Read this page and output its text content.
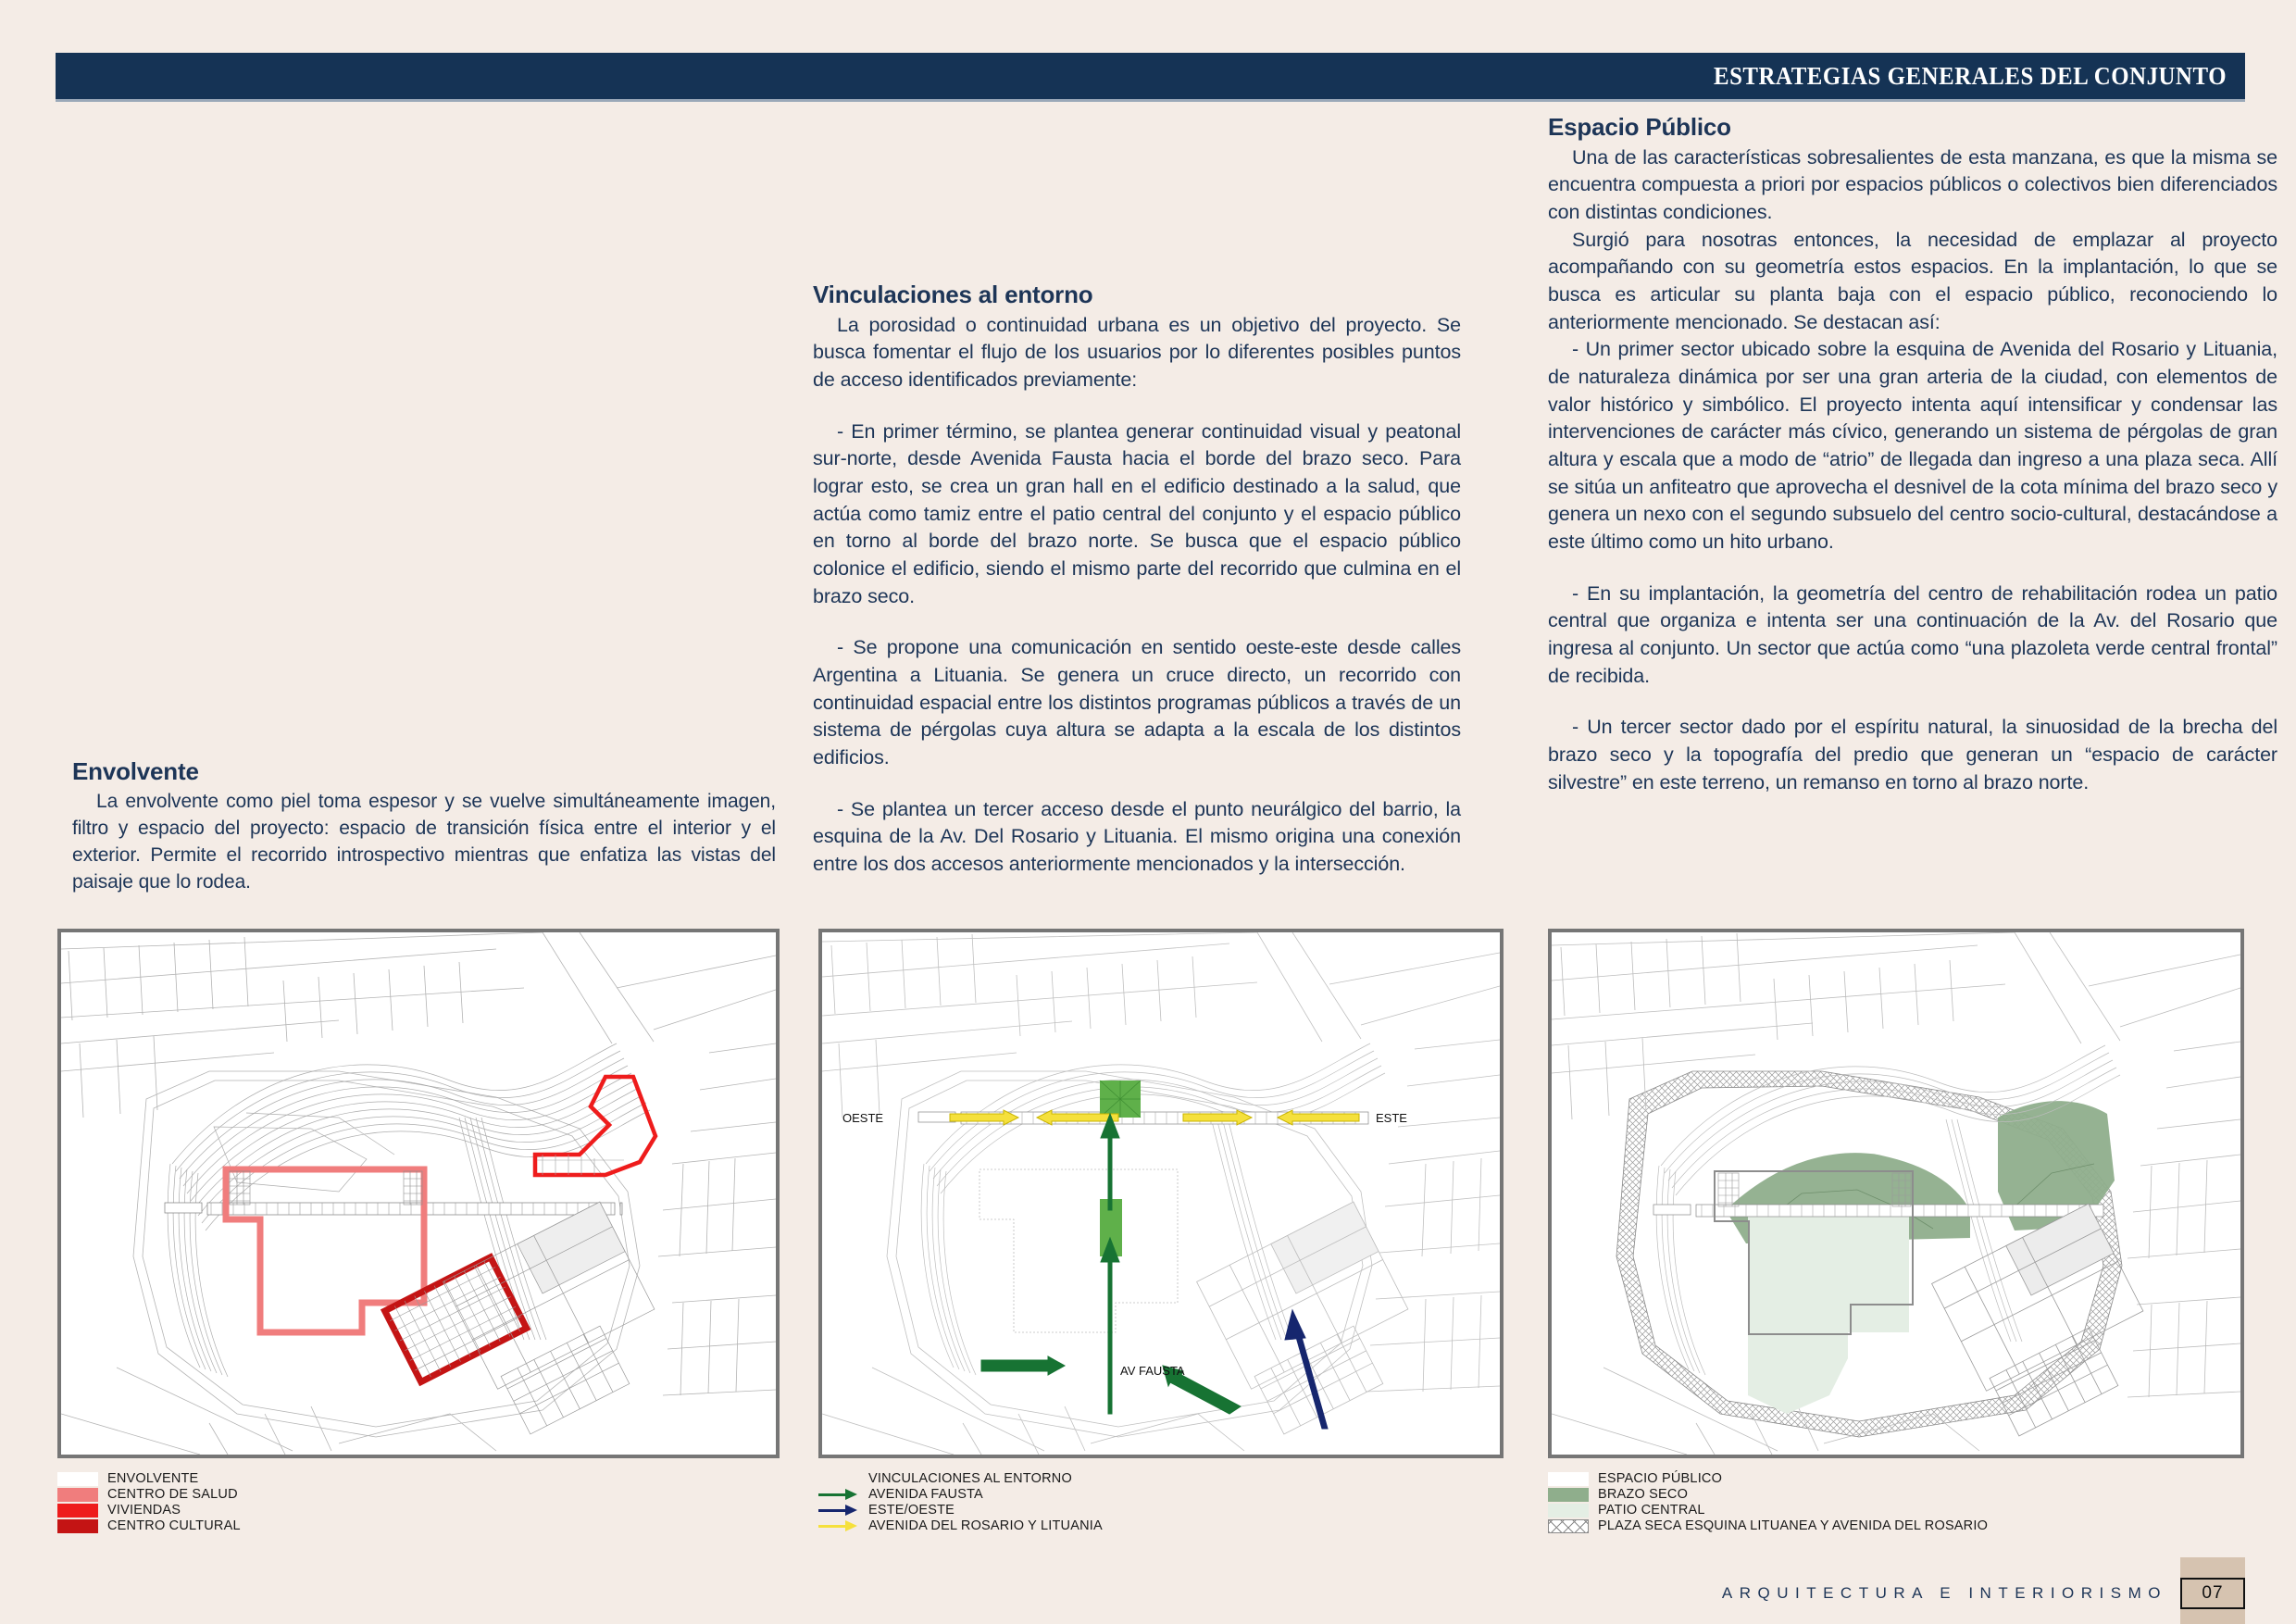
ESTRATEGIAS GENERALES DEL CONJUNTO
Envolvente

La envolvente como piel toma espesor y se vuelve simultáneamente imagen, filtro y espacio del proyecto: espacio de transición física entre el interior y el exterior. Permite el recorrido introspectivo mientras que enfatiza las vistas del paisaje que lo rodea.

Vinculaciones al entorno

La porosidad o continuidad urbana es un objetivo del proyecto. Se busca fomentar el flujo de los usuarios por lo diferentes posibles puntos de acceso identificados previamente:

- En primer término, se plantea generar continuidad visual y peatonal sur-norte, desde Avenida Fausta hacia el borde del brazo seco. Para lograr esto, se crea un gran hall en el edificio destinado a la salud, que actúa como tamiz entre el patio central del conjunto y el espacio público en torno al borde del brazo norte. Se busca que el espacio público colonice el edificio, siendo el mismo parte del recorrido que culmina en el brazo seco.

- Se propone una comunicación en sentido oeste-este desde calles Argentina a Lituania. Se genera un cruce directo, un recorrido con continuidad espacial entre los distintos programas públicos a través de un sistema de pérgolas cuya altura se adapta a la escala de los distintos edificios.

- Se plantea un tercer acceso desde el punto neurálgico del barrio, la esquina de la Av. Del Rosario y Lituania. El mismo origina una conexión entre los dos accesos anteriormente mencionados y la intersección.

Espacio Público

Una de las características sobresalientes de esta manzana, es que la misma se encuentra compuesta a priori por espacios públicos o colectivos bien diferenciados con distintas condiciones.

Surgió para nosotras entonces, la necesidad de emplazar al proyecto acompañando con su geometría estos espacios. En la implantación, lo que se busca es articular su planta baja con el espacio público, reconociendo lo anteriormente mencionado. Se destacan así:

- Un primer sector ubicado sobre la esquina de Avenida del Rosario y Lituania, de naturaleza dinámica por ser una gran arteria de la ciudad, con elementos de valor histórico y simbólico. El proyecto intenta aquí intensificar y condensar las intervenciones de carácter más cívico, generando un sistema de pérgolas de gran altura y escala que a modo de “atrio” de llegada dan ingreso a una plaza seca. Allí se sitúa un anfiteatro que aprovecha el desnivel de la cota mínima del brazo seco y genera un nexo con el segundo subsuelo del centro socio-cultural, destacándose a este último como un hito urbano.

- En su implantación, la geometría del centro de rehabilitación rodea un patio central que organiza e intenta ser una continuación de la Av. del Rosario que ingresa al conjunto. Un sector que actúa como “una plazoleta verde central frontal” de recibida.

- Un tercer sector dado por el espíritu natural, la sinuosidad de la brecha del brazo seco y la topografía del predio que generan un “espacio de carácter silvestre” en este terreno, un remanso en torno al brazo norte.

OESTE	ESTE
AV FAUSTA
ENVOLVENTE
CENTRO DE SALUD
VIVIENDAS
CENTRO CULTURAL
VINCULACIONES AL ENTORNO
AVENIDA FAUSTA
ESTE/OESTE
AVENIDA DEL ROSARIO Y LITUANIA
ESPACIO PÚBLICO
BRAZO SECO
PATIO CENTRAL
PLAZA SECA ESQUINA LITUANEA Y AVENIDA DEL ROSARIO
ARQUITECTURA E INTERIORISMO	07
